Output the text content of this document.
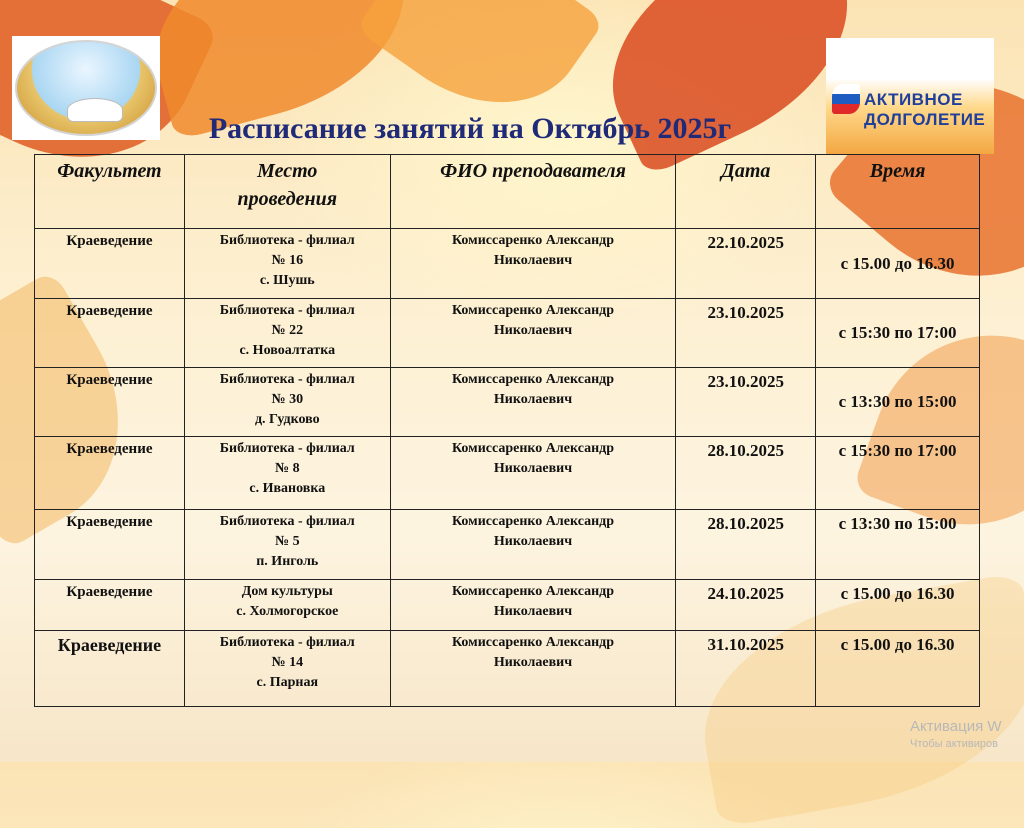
АКТИВНОЕ
ДОЛГОЛЕТИЕ
Расписание занятий на Октябрь 2025г
Факультет	Место
проведения	ФИО преподавателя	Дата	Время
Краеведение	Библиотека - филиал
№ 16
с. Шушь	Комиссаренко Александр
Николаевич	22.10.2025	с 15.00 до 16.30

Краеведение	Библиотека - филиал
№ 22
с. Новоалтатка	Комиссаренко Александр
Николаевич	23.10.2025	с 15:30 по 17:00

Краеведение	Библиотека - филиал
№ 30
д. Гудково	Комиссаренко Александр
Николаевич	23.10.2025	с 13:30 по 15:00

Краеведение	Библиотека - филиал
№ 8
с. Ивановка	Комиссаренко Александр
Николаевич	28.10.2025	с 15:30 по 17:00

Краеведение	Библиотека - филиал
№ 5
п. Инголь	Комиссаренко Александр
Николаевич	28.10.2025	с 13:30 по 15:00

Краеведение	Дом культуры
с. Холмогорское	Комиссаренко Александр
Николаевич	24.10.2025	с 15.00 до 16.30

Краеведение	Библиотека - филиал
№ 14
с. Парная	Комиссаренко Александр
Николаевич	31.10.2025	с 15.00 до 16.30
Активация W
Чтобы активиров
